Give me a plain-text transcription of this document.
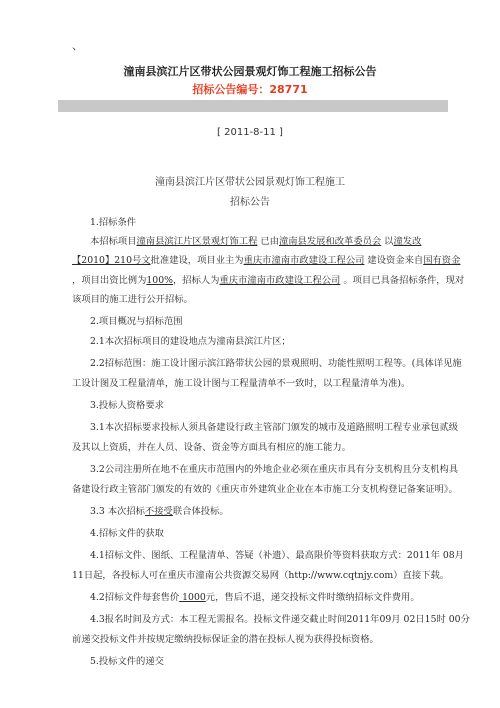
、
潼南县滨江片区带状公园景观灯饰工程施工招标公告
招标公告编号：28771
[ 2011-8-11 ]
潼南县滨江片区带状公园景观灯饰工程施工
招标公告
1.招标条件
本招标项目潼南县滨江片区景观灯饰工程 已由潼南县发展和改革委员会 以潼发改
【2010】210号文批准建设，项目业主为重庆市潼南市政建设工程公司 建设资金来自国有资金
，项目出资比例为100%，招标人为重庆市潼南市政建设工程公司 。项目已具备招标条件，现对
该项目的施工进行公开招标。
2.项目概况与招标范围
2.1本次招标项目的建设地点为潼南县滨江片区；
2.2招标范围：施工设计图示滨江路带状公园的景观照明、功能性照明工程等。(具体详见施
工设计图及工程量清单，施工设计图与工程量清单不一致时，以工程量清单为准)。
3.投标人资格要求
3.1本次招标要求投标人须具备建设行政主管部门颁发的城市及道路照明工程专业承包贰级
及其以上资质，并在人员、设备、资金等方面具有相应的施工能力。
3.2公司注册所在地不在重庆市范围内的外地企业必须在重庆市具有分支机构且分支机构具
备建设行政主管部门颁发的有效的《重庆市外建筑业企业在本市施工分支机构登记备案证明》。
3.3 本次招标不接受联合体投标。
4.招标文件的获取
4.1招标文件、图纸、工程量清单、答疑（补遗）、最高限价等资料获取方式：2011年 08月
11日起，各投标人可在重庆市潼南公共资源交易网（http://www.cqtnjy.com）直接下载。
4.2招标文件每套售价 1000元，售后不退，递交投标文件时缴纳招标文件费用。
4.3报名时间及方式：本工程无需报名。投标文件递交截止时间2011年09月 02日15时 00分
前递交投标文件并按规定缴纳投标保证金的潜在投标人视为获得投标资格。
5.投标文件的递交
